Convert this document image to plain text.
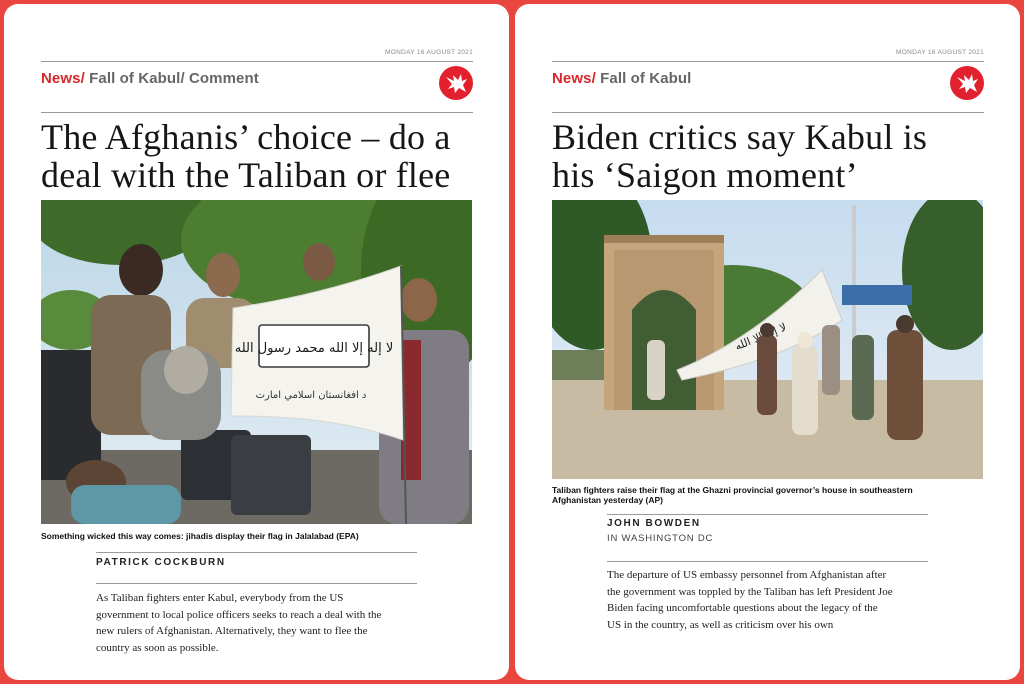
MONDAY 16 AUGUST 2021
News/ Fall of Kabul/ Comment
The Afghanis’ choice – do a
deal with the Taliban or flee
لا إله إلا الله محمد رسول الله
د افغانستان اسلامي امارت
Something wicked this way comes: jihadis display their flag in Jalalabad (EPA)
PATRICK COCKBURN

As Taliban fighters enter Kabul, everybody from the US
government to local police officers seeks to reach a deal with the
new rulers of Afghanistan. Alternatively, they want to flee the
country as soon as possible.

MONDAY 16 AUGUST 2021
News/ Fall of Kabul
Biden critics say Kabul is
his ‘Saigon moment’
لا إلا الله
Taliban fighters raise their flag at the Ghazni provincial governor’s house in southeastern
Afghanistan yesterday (AP)
JOHN BOWDEN
IN WASHINGTON DC

The departure of US embassy personnel from Afghanistan after
the government was toppled by the Taliban has left President Joe
Biden facing uncomfortable questions about the legacy of the
US in the country, as well as criticism over his own
